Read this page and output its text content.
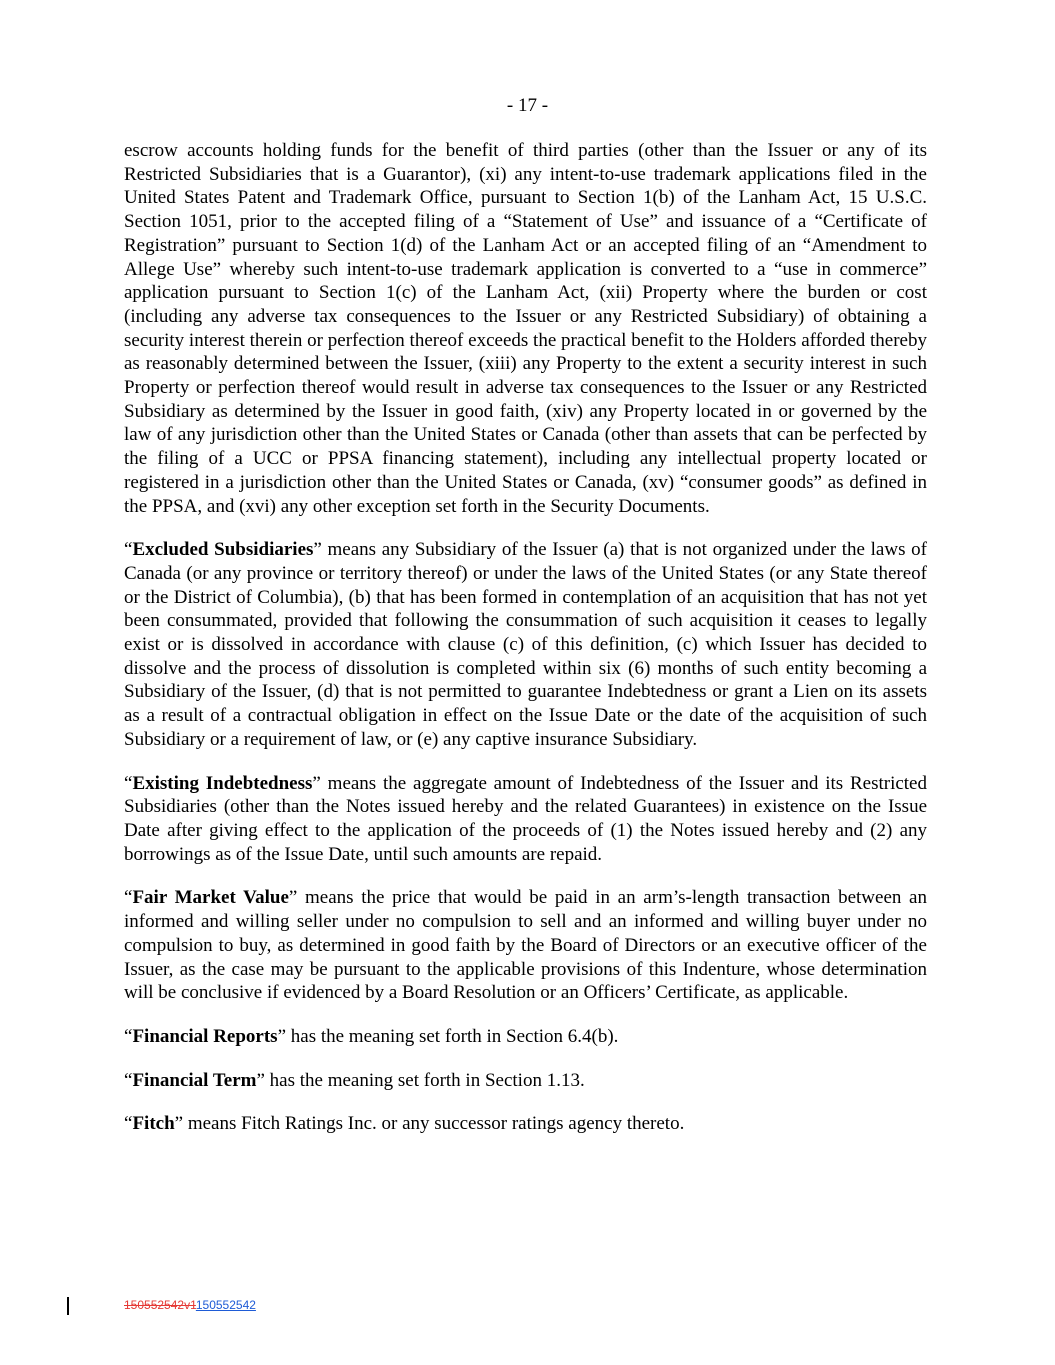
- 17 -

escrow accounts holding funds for the benefit of third parties (other than the Issuer or any of its Restricted Subsidiaries that is a Guarantor), (xi) any intent-to-use trademark applications filed in the United States Patent and Trademark Office, pursuant to Section 1(b) of the Lanham Act, 15 U.S.C. Section 1051, prior to the accepted filing of a “Statement of Use” and issuance of a “Certificate of Registration” pursuant to Section 1(d) of the Lanham Act or an accepted filing of an “Amendment to Allege Use” whereby such intent-to-use trademark application is converted to a “use in commerce” application pursuant to Section 1(c) of the Lanham Act, (xii) Property where the burden or cost (including any adverse tax consequences to the Issuer or any Restricted Subsidiary) of obtaining a security interest therein or perfection thereof exceeds the practical benefit to the Holders afforded thereby as reasonably determined between the Issuer, (xiii) any Property to the extent a security interest in such Property or perfection thereof would result in adverse tax consequences to the Issuer or any Restricted Subsidiary as determined by the Issuer in good faith, (xiv) any Property located in or governed by the law of any jurisdiction other than the United States or Canada (other than assets that can be perfected by the filing of a UCC or PPSA financing statement), including any intellectual property located or registered in a jurisdiction other than the United States or Canada, (xv) “consumer goods” as defined in the PPSA, and (xvi) any other exception set forth in the Security Documents.

“Excluded Subsidiaries” means any Subsidiary of the Issuer (a) that is not organized under the laws of Canada (or any province or territory thereof) or under the laws of the United States (or any State thereof or the District of Columbia), (b) that has been formed in contemplation of an acquisition that has not yet been consummated, provided that following the consummation of such acquisition it ceases to legally exist or is dissolved in accordance with clause (c) of this definition, (c) which Issuer has decided to dissolve and the process of dissolution is completed within six (6) months of such entity becoming a Subsidiary of the Issuer, (d) that is not permitted to guarantee Indebtedness or grant a Lien on its assets as a result of a contractual obligation in effect on the Issue Date or the date of the acquisition of such Subsidiary or a requirement of law, or (e) any captive insurance Subsidiary.

“Existing Indebtedness” means the aggregate amount of Indebtedness of the Issuer and its Restricted Subsidiaries (other than the Notes issued hereby and the related Guarantees) in existence on the Issue Date after giving effect to the application of the proceeds of (1) the Notes issued hereby and (2) any borrowings as of the Issue Date, until such amounts are repaid.

“Fair Market Value” means the price that would be paid in an arm’s-length transaction between an informed and willing seller under no compulsion to sell and an informed and willing buyer under no compulsion to buy, as determined in good faith by the Board of Directors or an executive officer of the Issuer, as the case may be pursuant to the applicable provisions of this Indenture, whose determination will be conclusive if evidenced by a Board Resolution or an Officers’ Certificate, as applicable.

“Financial Reports” has the meaning set forth in Section 6.4(b).

“Financial Term” has the meaning set forth in Section 1.13.

“Fitch” means Fitch Ratings Inc. or any successor ratings agency thereto.

150552542v1150552542
